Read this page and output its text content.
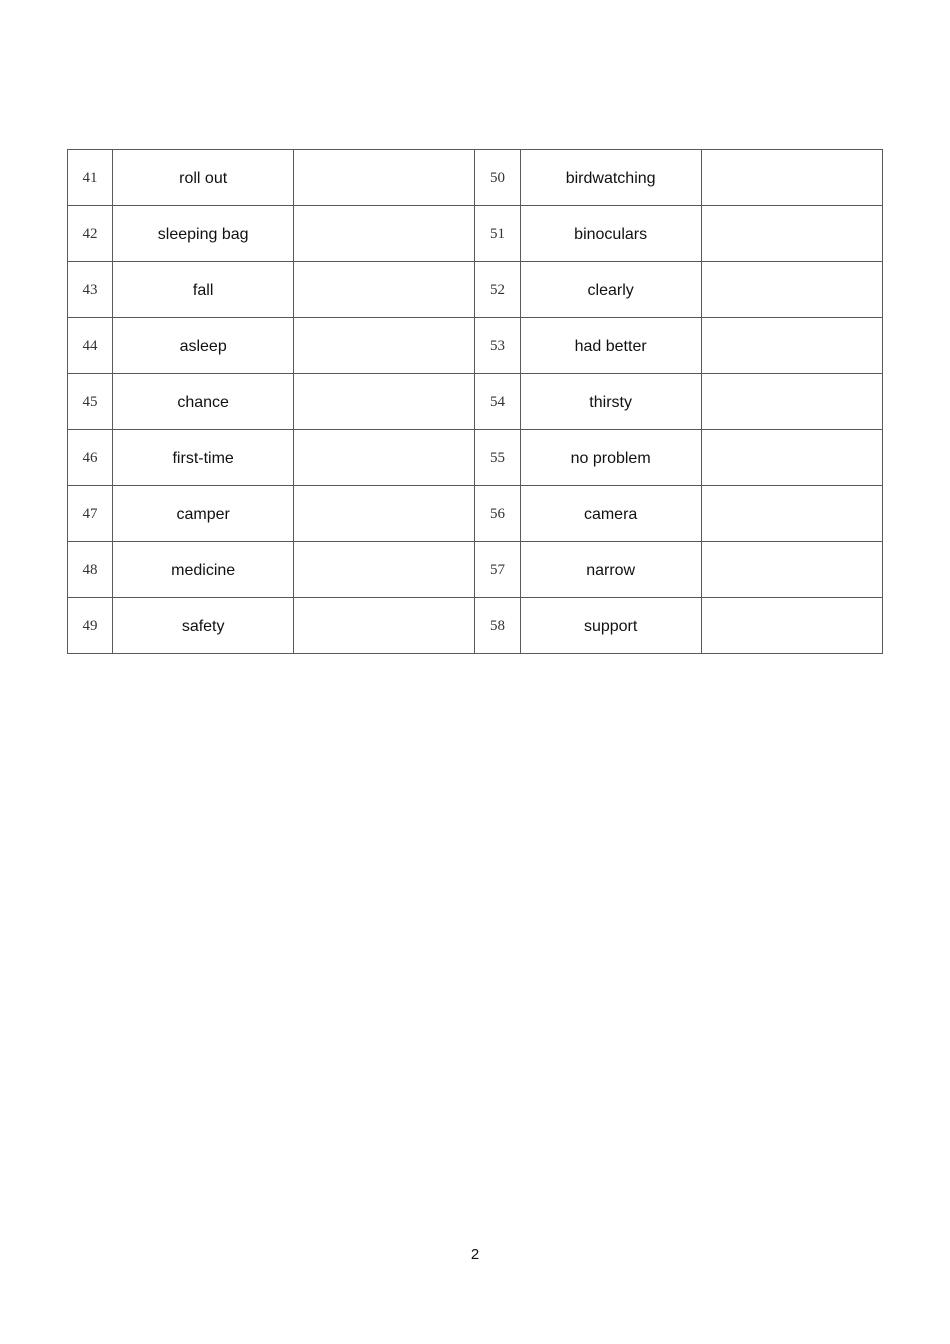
41	roll out		50	birdwatching	
42	sleeping bag		51	binoculars	
43	fall		52	clearly	
44	asleep		53	had better	
45	chance		54	thirsty	
46	first-time		55	no problem	
47	camper		56	camera	
48	medicine		57	narrow	
49	safety		58	support	
2
